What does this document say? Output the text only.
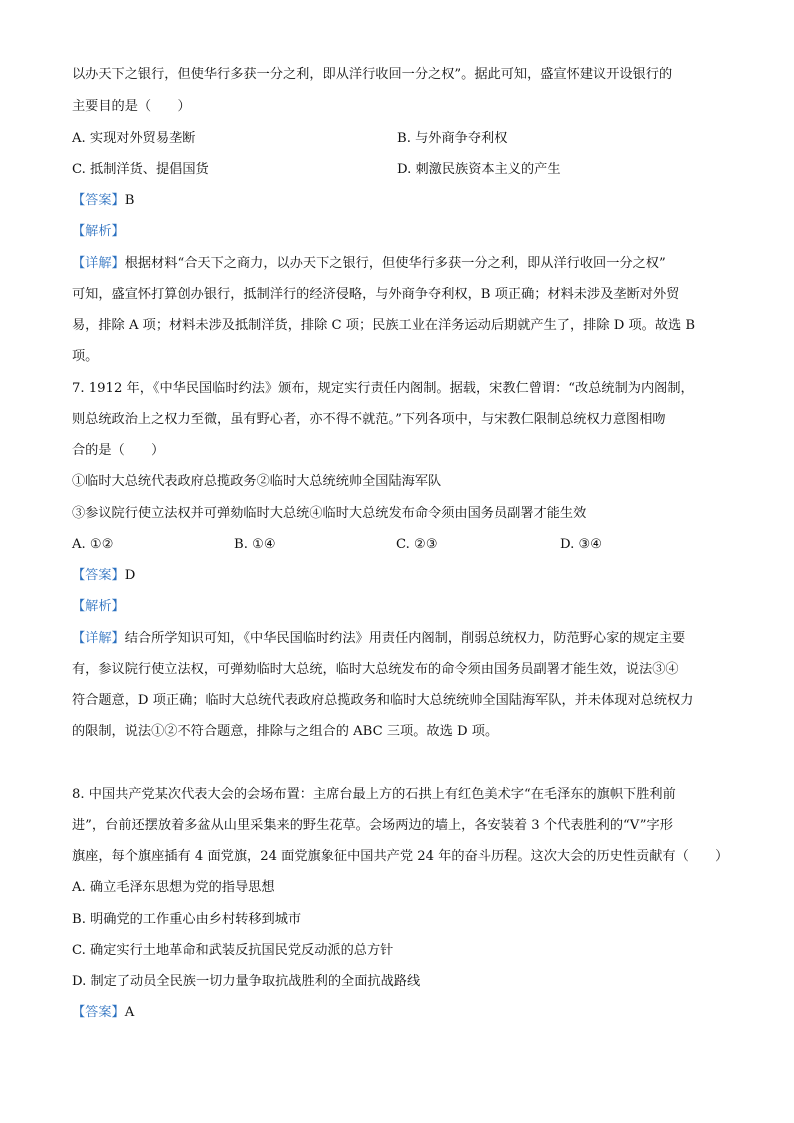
以办天下之银行，但使华行多获一分之利，即从洋行收回一分之权”。据此可知，盛宣怀建议开设银行的
主要目的是（　　）
A. 实现对外贸易垄断	B. 与外商争夺利权
C. 抵制洋货、提倡国货	D. 刺激民族资本主义的产生
【答案】B
【解析】
【详解】根据材料“合天下之商力，以办天下之银行，但使华行多获一分之利，即从洋行收回一分之权”
可知，盛宣怀打算创办银行，抵制洋行的经济侵略，与外商争夺利权，B 项正确；材料未涉及垄断对外贸
易，排除 A 项；材料未涉及抵制洋货，排除 C 项；民族工业在洋务运动后期就产生了，排除 D 项。故选 B
项。
7. 1912 年，《中华民国临时约法》颁布，规定实行责任内阁制。据载，宋教仁曾谓：“改总统制为内阁制，
则总统政治上之权力至微，虽有野心者，亦不得不就范。”下列各项中，与宋教仁限制总统权力意图相吻
合的是（　　）
①临时大总统代表政府总揽政务②临时大总统统帅全国陆海军队
③参议院行使立法权并可弹劾临时大总统④临时大总统发布命令须由国务员副署才能生效
A. ①②	B. ①④	C. ②③	D. ③④
【答案】D
【解析】
【详解】结合所学知识可知，《中华民国临时约法》用责任内阁制，削弱总统权力，防范野心家的规定主要
有，参议院行使立法权，可弹劾临时大总统，临时大总统发布的命令须由国务员副署才能生效，说法③④
符合题意，D 项正确；临时大总统代表政府总揽政务和临时大总统统帅全国陆海军队，并未体现对总统权力
的限制，说法①②不符合题意，排除与之组合的 ABC 三项。故选 D 项。
8. 中国共产党某次代表大会的会场布置：主席台最上方的石拱上有红色美术字“在毛泽东的旗帜下胜利前
进”，台前还摆放着多盆从山里采集来的野生花草。会场两边的墙上，各安装着 3 个代表胜利的“V”字形
旗座，每个旗座插有 4 面党旗，24 面党旗象征中国共产党 24 年的奋斗历程。这次大会的历史性贡献有（　　）
A. 确立毛泽东思想为党的指导思想
B. 明确党的工作重心由乡村转移到城市
C. 确定实行土地革命和武装反抗国民党反动派的总方针
D. 制定了动员全民族一切力量争取抗战胜利的全面抗战路线
【答案】A
